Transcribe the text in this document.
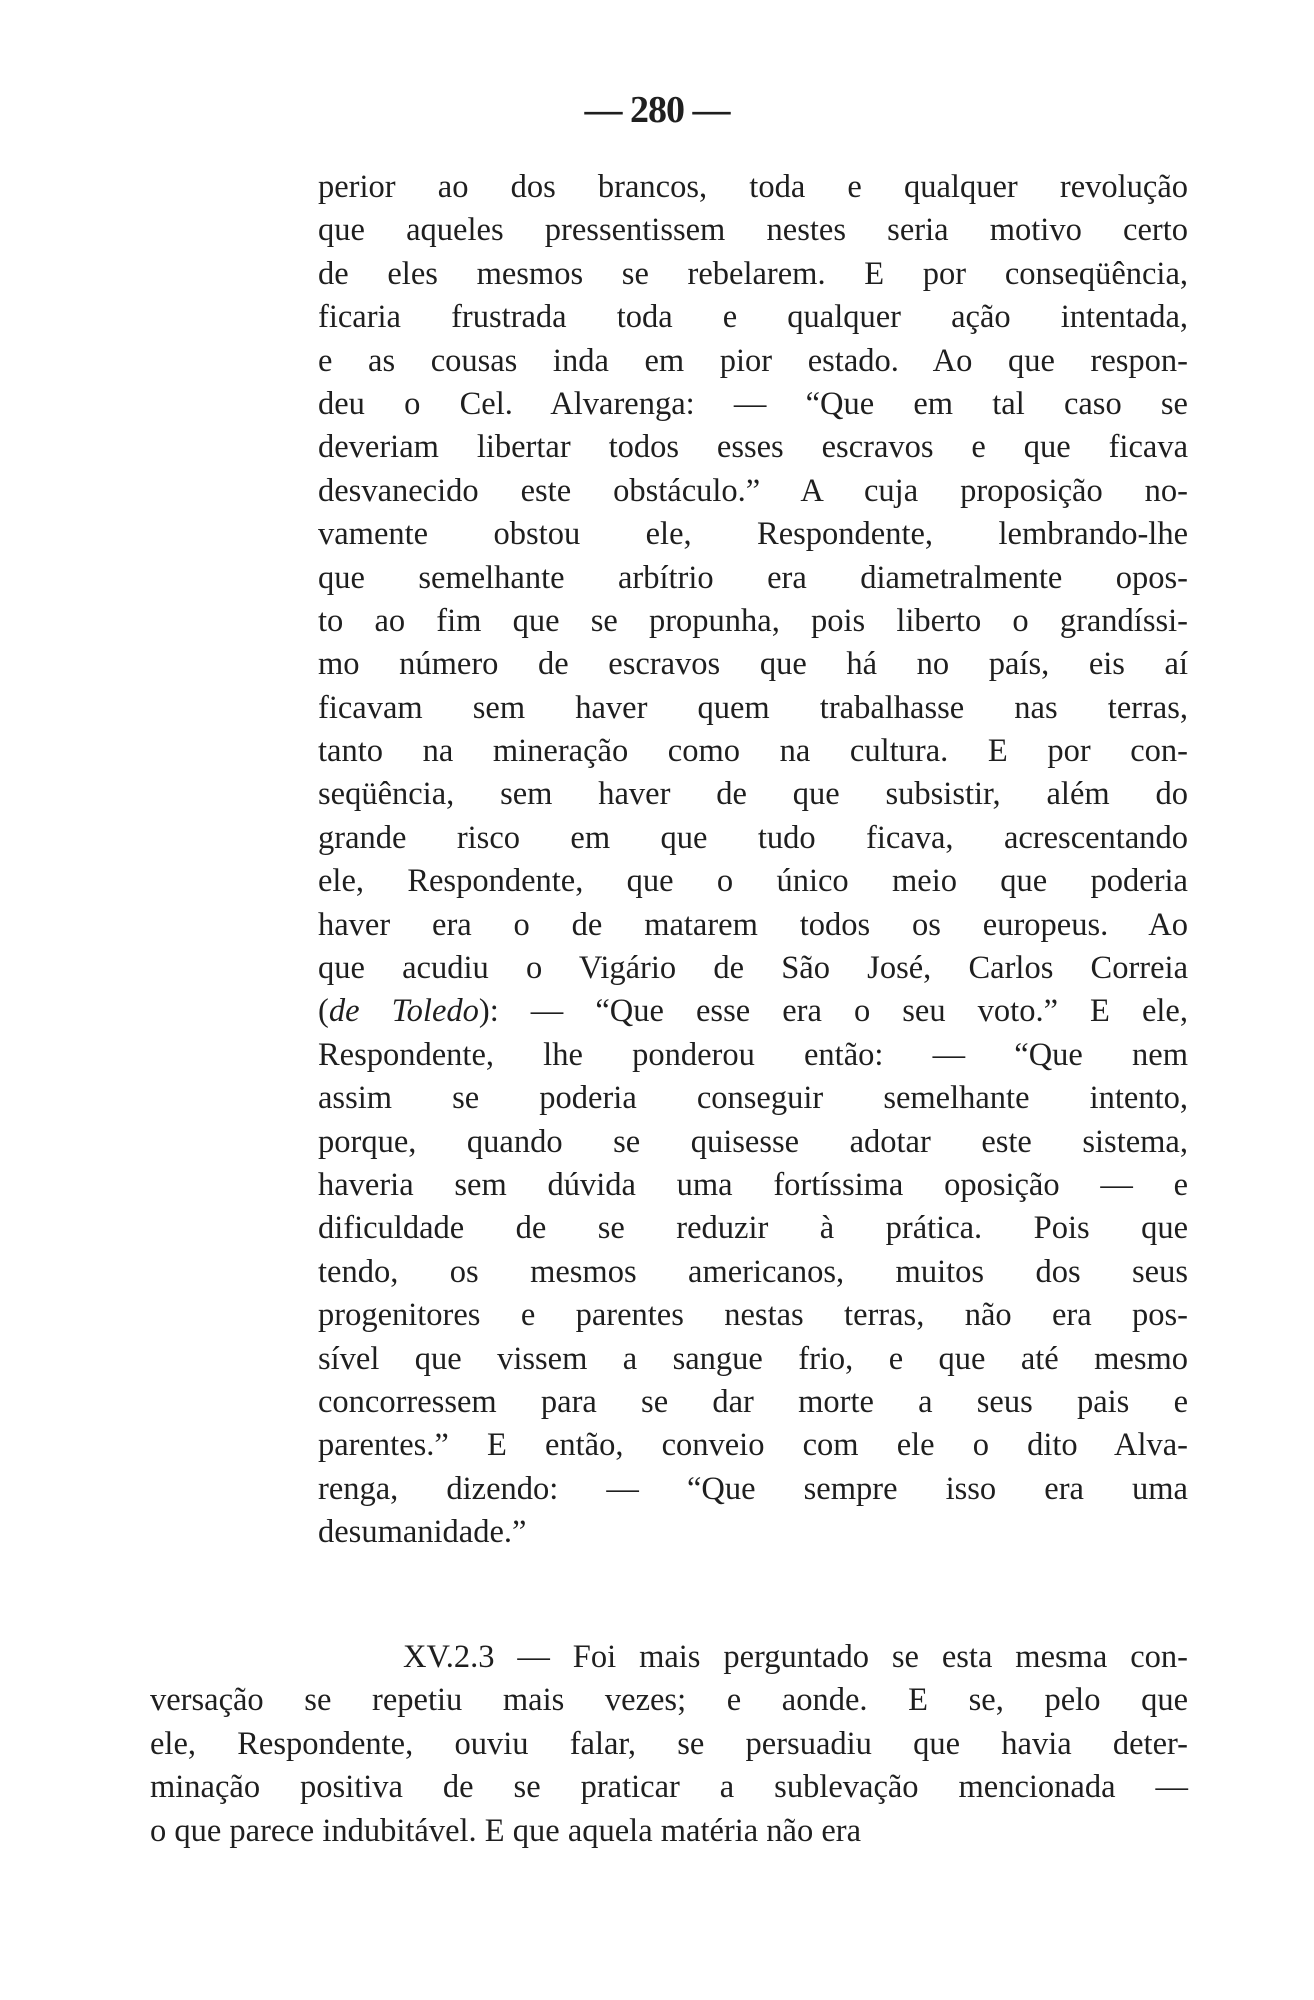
— 280 —
perior ao dos brancos, toda e qualquer revolução
que aqueles pressentissem nestes seria motivo certo
de eles mesmos se rebelarem. E por conseqüência,
ficaria frustrada toda e qualquer ação intentada,
e as cousas inda em pior estado. Ao que respon-
deu o Cel. Alvarenga: — “Que em tal caso se
deveriam libertar todos esses escravos e que ficava
desvanecido este obstáculo.” A cuja proposição no-
vamente obstou ele, Respondente, lembrando-lhe
que semelhante arbítrio era diametralmente opos-
to ao fim que se propunha, pois liberto o grandíssi-
mo número de escravos que há no país, eis aí
ficavam sem haver quem trabalhasse nas terras,
tanto na mineração como na cultura. E por con-
seqüência, sem haver de que subsistir, além do
grande risco em que tudo ficava, acrescentando
ele, Respondente, que o único meio que poderia
haver era o de matarem todos os europeus. Ao
que acudiu o Vigário de São José, Carlos Correia
(de Toledo): — “Que esse era o seu voto.” E ele,
Respondente, lhe ponderou então: — “Que nem
assim se poderia conseguir semelhante intento,
porque, quando se quisesse adotar este sistema,
haveria sem dúvida uma fortíssima oposição — e
dificuldade de se reduzir à prática. Pois que
tendo, os mesmos americanos, muitos dos seus
progenitores e parentes nestas terras, não era pos-
sível que vissem a sangue frio, e que até mesmo
concorressem para se dar morte a seus pais e
parentes.” E então, conveio com ele o dito Alva-
renga, dizendo: — “Que sempre isso era uma
desumanidade.”
XV.2.3 — Foi mais perguntado se esta mesma con-
versação se repetiu mais vezes; e aonde. E se, pelo que
ele, Respondente, ouviu falar, se persuadiu que havia deter-
minação positiva de se praticar a sublevação mencionada —
o que parece indubitável. E que aquela matéria não era
